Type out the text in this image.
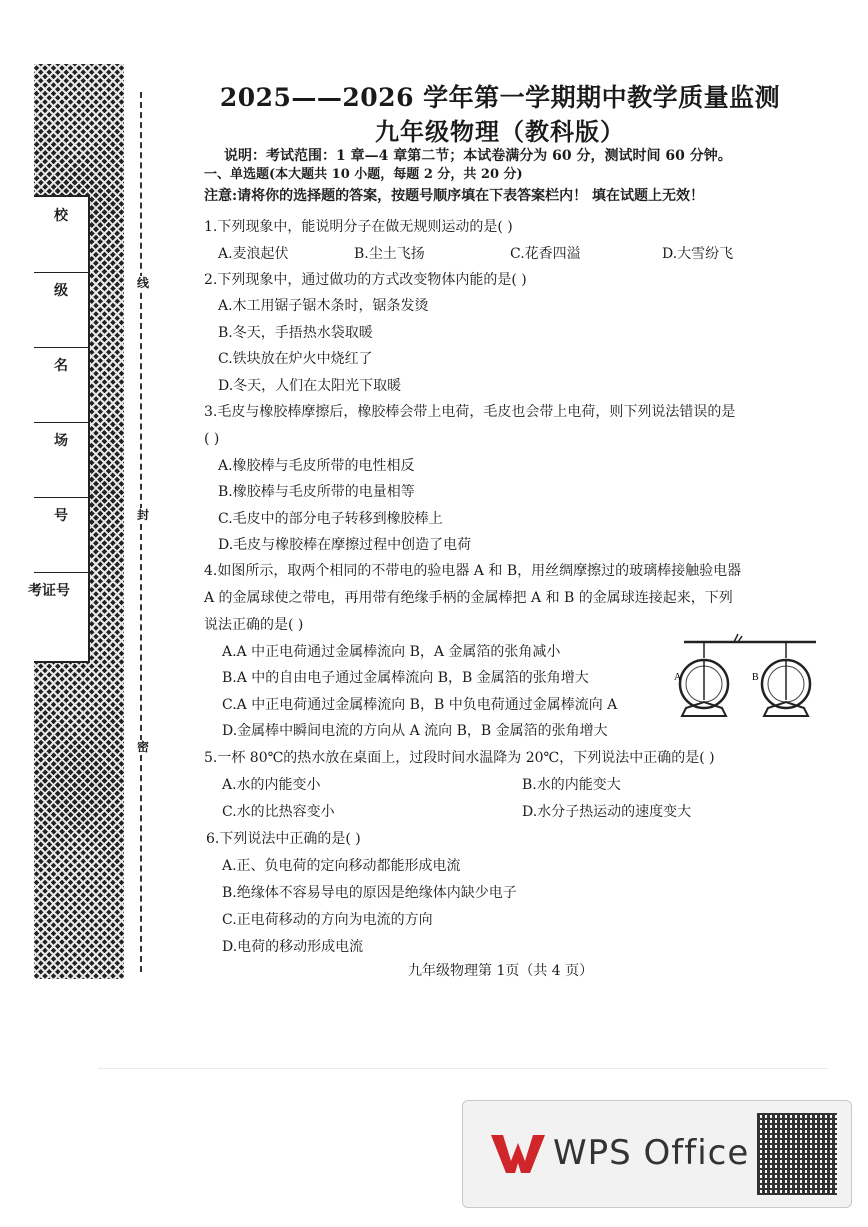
校
级
名
场
号
考证号
线
封
密
2025——2026 学年第一学期期中教学质量监测
九年级物理（教科版）
说明：考试范围：1 章—4 章第二节；本试卷满分为 60 分，测试时间 60 分钟。
一、单选题(本大题共 10 小题，每题 2 分，共 20 分)
注意:请将你的选择题的答案，按题号顺序填在下表答案栏内！ 填在试题上无效！
1.下列现象中，能说明分子在做无规则运动的是( )
A.麦浪起伏	B.尘土飞扬	C.花香四溢	D.大雪纷飞
2.下列现象中，通过做功的方式改变物体内能的是( )
A.木工用锯子锯木条时，锯条发烫
B.冬天，手捂热水袋取暖
C.铁块放在炉火中烧红了
D.冬天，人们在太阳光下取暖
3.毛皮与橡胶棒摩擦后，橡胶棒会带上电荷，毛皮也会带上电荷，则下列说法错误的是
( )
A.橡胶棒与毛皮所带的电性相反
B.橡胶棒与毛皮所带的电量相等
C.毛皮中的部分电子转移到橡胶棒上
D.毛皮与橡胶棒在摩擦过程中创造了电荷
4.如图所示，取两个相同的不带电的验电器 A 和 B，用丝绸摩擦过的玻璃棒接触验电器
A 的金属球使之带电，再用带有绝缘手柄的金属棒把 A 和 B 的金属球连接起来，下列
说法正确的是( )
A.A 中正电荷通过金属棒流向 B，A 金属箔的张角减小
B.A 中的自由电子通过金属棒流向 B，B 金属箔的张角增大
C.A 中正电荷通过金属棒流向 B，B 中负电荷通过金属棒流向 A
D.金属棒中瞬间电流的方向从 A 流向 B，B 金属箔的张角增大
A	B
5.一杯 80℃的热水放在桌面上，过段时间水温降为 20℃，下列说法中正确的是( )
A.水的内能变小	B.水的内能变大
C.水的比热容变小	D.水分子热运动的速度变大
6.下列说法中正确的是( )
A.正、负电荷的定向移动都能形成电流
B.绝缘体不容易导电的原因是绝缘体内缺少电子
C.正电荷移动的方向为电流的方向
D.电荷的移动形成电流
九年级物理第 1页（共 4 页）
WPS Office
